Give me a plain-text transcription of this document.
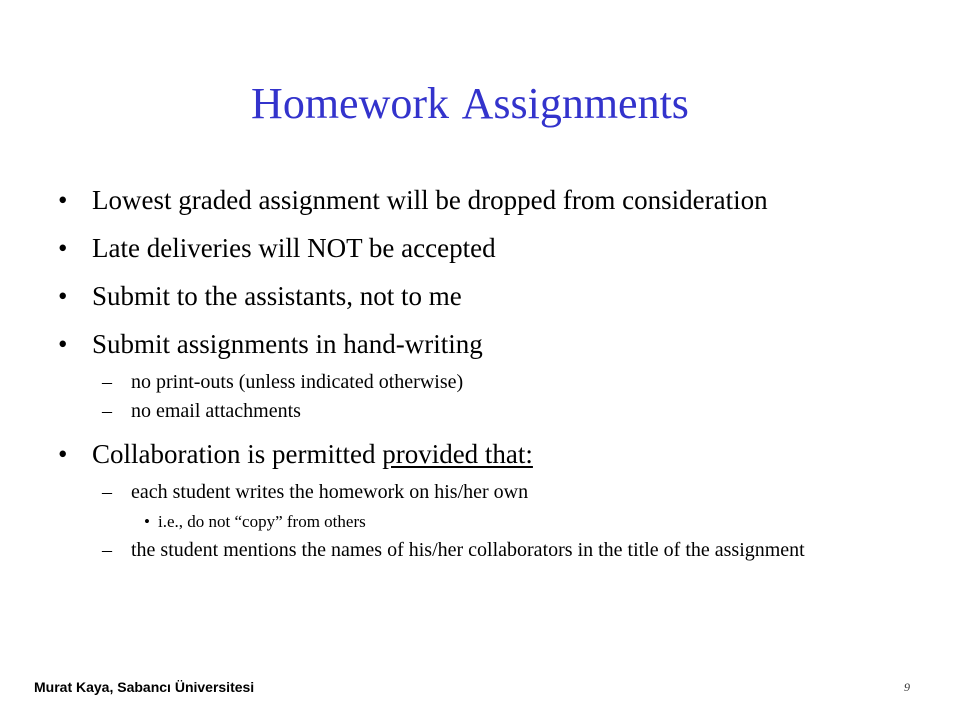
Homework Assignments
• Lowest graded assignment will be dropped from consideration
• Late deliveries will NOT be accepted
• Submit to the assistants, not to me
• Submit assignments in hand-writing
– no print-outs (unless indicated otherwise)
– no email attachments
• Collaboration is permitted provided that:
– each student writes the homework on his/her own
• i.e., do not “copy” from others
– the student mentions the names of his/her collaborators in the title of the assignment
Murat Kaya, Sabancı Üniversitesi	9
